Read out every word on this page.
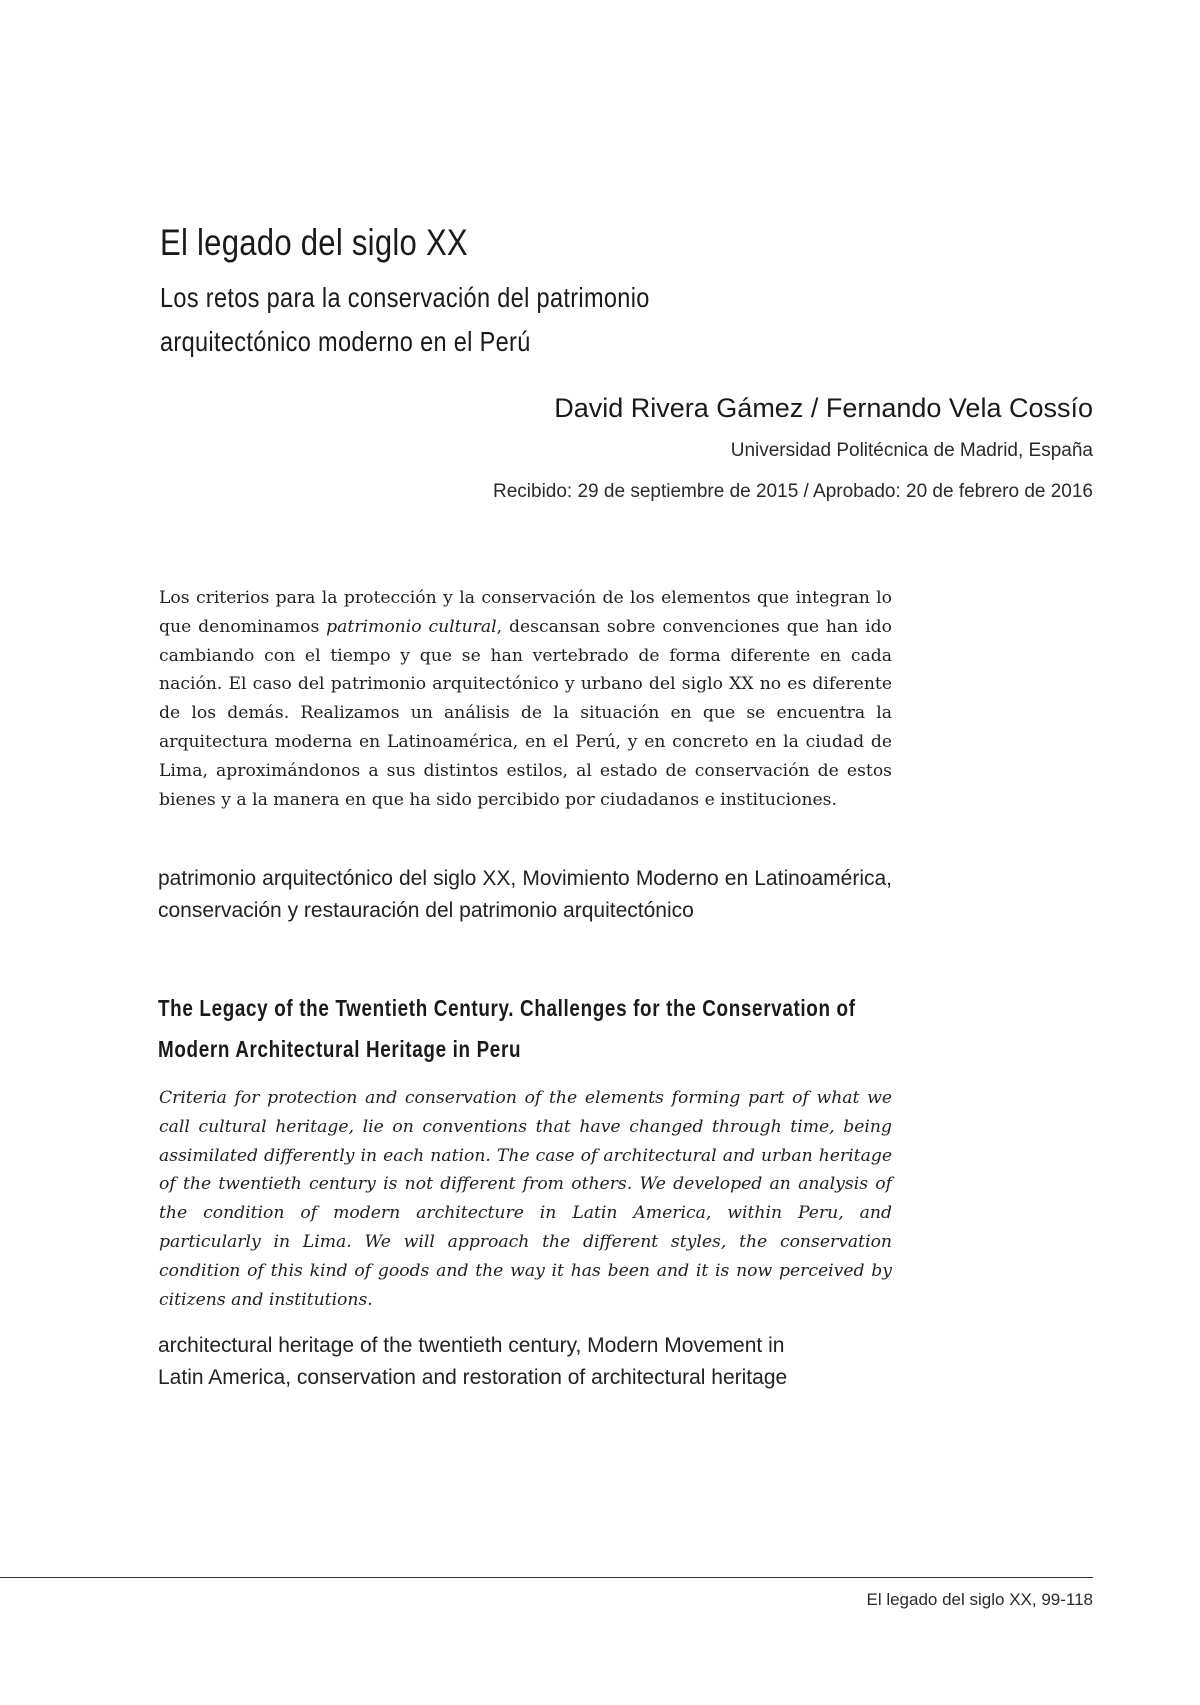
El legado del siglo XX
Los retos para la conservación del patrimonio
arquitectónico moderno en el Perú
David Rivera Gámez / Fernando Vela Cossío
Universidad Politécnica de Madrid, España
Recibido: 29 de septiembre de 2015 / Aprobado: 20 de febrero de 2016
Los criterios para la protección y la conservación de los elementos que integran lo que denominamos patrimonio cultural, descansan sobre convenciones que han ido cambiando con el tiempo y que se han vertebrado de forma diferente en cada nación. El caso del patrimonio arquitectónico y urbano del siglo XX no es diferente de los demás. Realizamos un análisis de la situación en que se encuentra la arquitectura moderna en Latinoamérica, en el Perú, y en concreto en la ciudad de Lima, aproximándonos a sus distintos estilos, al estado de conservación de estos bienes y a la manera en que ha sido percibido por ciudadanos e instituciones.
patrimonio arquitectónico del siglo XX, Movimiento Moderno en Latinoamérica, conservación y restauración del patrimonio arquitectónico
The Legacy of the Twentieth Century. Challenges for the Conservation of
Modern Architectural Heritage in Peru
Criteria for protection and conservation of the elements forming part of what we call cultural heritage, lie on conventions that have changed through time, being assimilated differently in each nation. The case of architectural and urban heritage of the twentieth century is not different from others. We developed an analysis of the condition of modern architecture in Latin America, within Peru, and particularly in Lima. We will approach the different styles, the conservation condition of this kind of goods and the way it has been and it is now perceived by citizens and institutions.
architectural heritage of the twentieth century, Modern Movement in
Latin America, conservation and restoration of architectural heritage
El legado del siglo XX, 99-118
